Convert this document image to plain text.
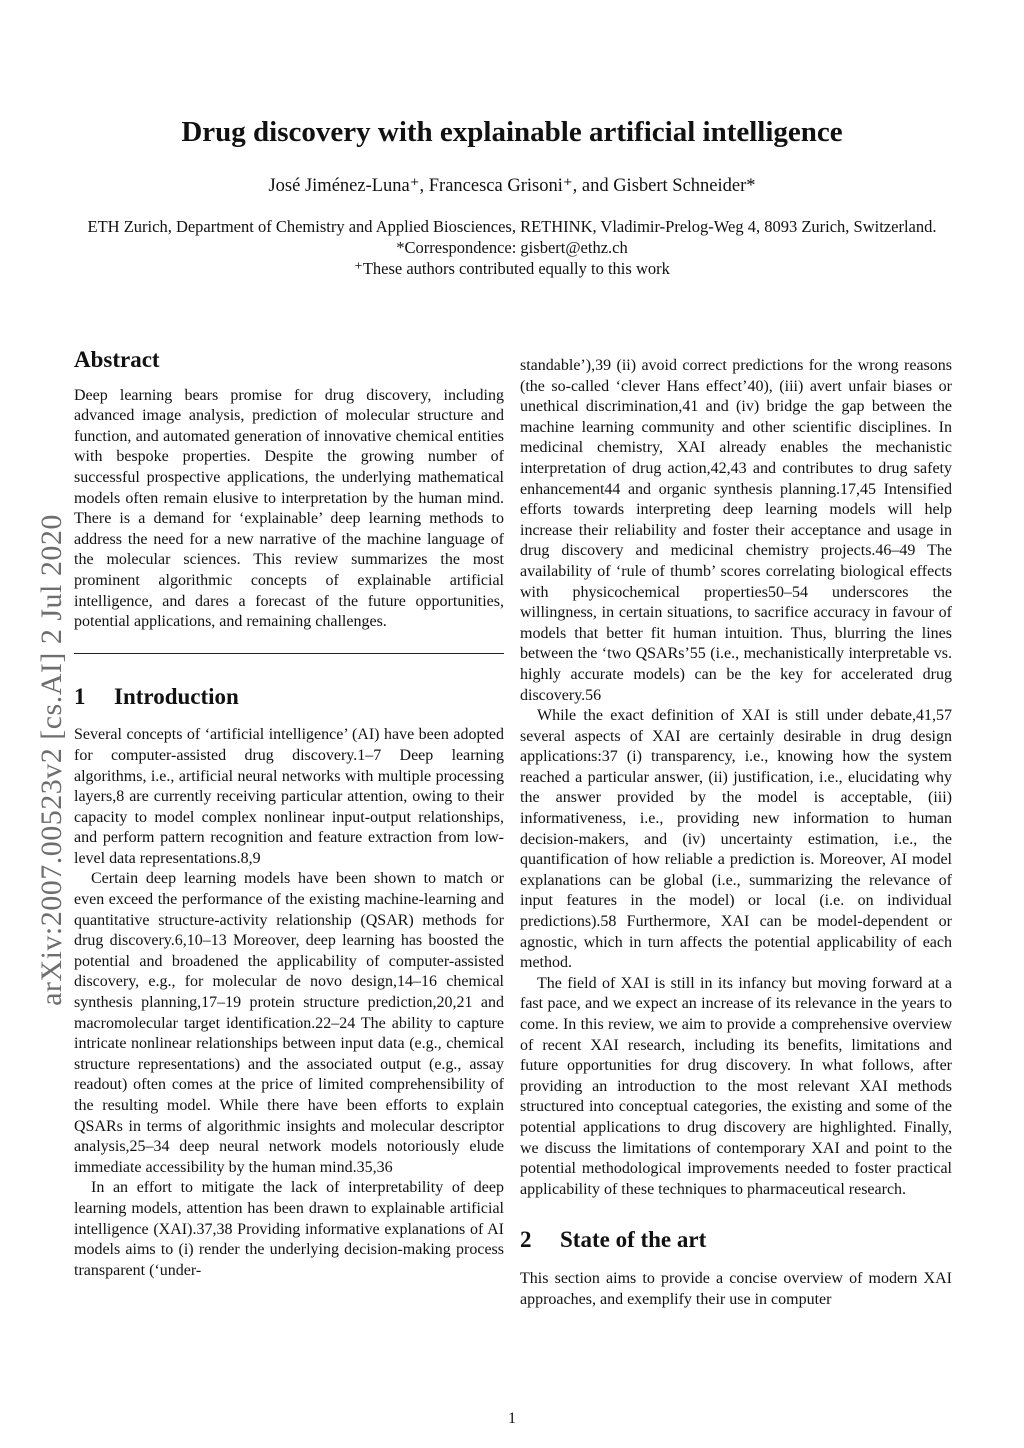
arXiv:2007.00523v2 [cs.AI] 2 Jul 2020
Drug discovery with explainable artificial intelligence
José Jiménez-Luna⁺, Francesca Grisoni⁺, and Gisbert Schneider*
ETH Zurich, Department of Chemistry and Applied Biosciences, RETHINK, Vladimir-Prelog-Weg 4, 8093 Zurich, Switzerland.
*Correspondence: gisbert@ethz.ch
⁺These authors contributed equally to this work
Abstract

Deep learning bears promise for drug discovery, including advanced image analysis, prediction of molecular structure and function, and automated generation of innovative chemical entities with bespoke properties. Despite the growing number of successful prospective applications, the underlying mathematical models often remain elusive to interpretation by the human mind. There is a demand for ‘explainable’ deep learning methods to address the need for a new narrative of the machine language of the molecular sciences. This review summarizes the most prominent algorithmic concepts of explainable artificial intelligence, and dares a forecast of the future opportunities, potential applications, and remaining challenges.

1 Introduction

Several concepts of ‘artificial intelligence’ (AI) have been adopted for computer-assisted drug discovery.1–7 Deep learning algorithms, i.e., artificial neural networks with multiple processing layers,8 are currently receiving particular attention, owing to their capacity to model complex nonlinear input-output relationships, and perform pattern recognition and feature extraction from low-level data representations.8,9

Certain deep learning models have been shown to match or even exceed the performance of the existing machine-learning and quantitative structure-activity relationship (QSAR) methods for drug discovery.6,10–13 Moreover, deep learning has boosted the potential and broadened the applicability of computer-assisted discovery, e.g., for molecular de novo design,14–16 chemical synthesis planning,17–19 protein structure prediction,20,21 and macromolecular target identification.22–24 The ability to capture intricate nonlinear relationships between input data (e.g., chemical structure representations) and the associated output (e.g., assay readout) often comes at the price of limited comprehensibility of the resulting model. While there have been efforts to explain QSARs in terms of algorithmic insights and molecular descriptor analysis,25–34 deep neural network models notoriously elude immediate accessibility by the human mind.35,36

In an effort to mitigate the lack of interpretability of deep learning models, attention has been drawn to explainable artificial intelligence (XAI).37,38 Providing informative explanations of AI models aims to (i) render the underlying decision-making process transparent (‘under-

standable’),39 (ii) avoid correct predictions for the wrong reasons (the so-called ‘clever Hans effect’40), (iii) avert unfair biases or unethical discrimination,41 and (iv) bridge the gap between the machine learning community and other scientific disciplines. In medicinal chemistry, XAI already enables the mechanistic interpretation of drug action,42,43 and contributes to drug safety enhancement44 and organic synthesis planning.17,45 Intensified efforts towards interpreting deep learning models will help increase their reliability and foster their acceptance and usage in drug discovery and medicinal chemistry projects.46–49 The availability of ‘rule of thumb’ scores correlating biological effects with physicochemical properties50–54 underscores the willingness, in certain situations, to sacrifice accuracy in favour of models that better fit human intuition. Thus, blurring the lines between the ‘two QSARs’55 (i.e., mechanistically interpretable vs. highly accurate models) can be the key for accelerated drug discovery.56

While the exact definition of XAI is still under debate,41,57 several aspects of XAI are certainly desirable in drug design applications:37 (i) transparency, i.e., knowing how the system reached a particular answer, (ii) justification, i.e., elucidating why the answer provided by the model is acceptable, (iii) informativeness, i.e., providing new information to human decision-makers, and (iv) uncertainty estimation, i.e., the quantification of how reliable a prediction is. Moreover, AI model explanations can be global (i.e., summarizing the relevance of input features in the model) or local (i.e. on individual predictions).58 Furthermore, XAI can be model-dependent or agnostic, which in turn affects the potential applicability of each method.

The field of XAI is still in its infancy but moving forward at a fast pace, and we expect an increase of its relevance in the years to come. In this review, we aim to provide a comprehensive overview of recent XAI research, including its benefits, limitations and future opportunities for drug discovery. In what follows, after providing an introduction to the most relevant XAI methods structured into conceptual categories, the existing and some of the potential applications to drug discovery are highlighted. Finally, we discuss the limitations of contemporary XAI and point to the potential methodological improvements needed to foster practical applicability of these techniques to pharmaceutical research.

2 State of the art

This section aims to provide a concise overview of modern XAI approaches, and exemplify their use in computer

1
